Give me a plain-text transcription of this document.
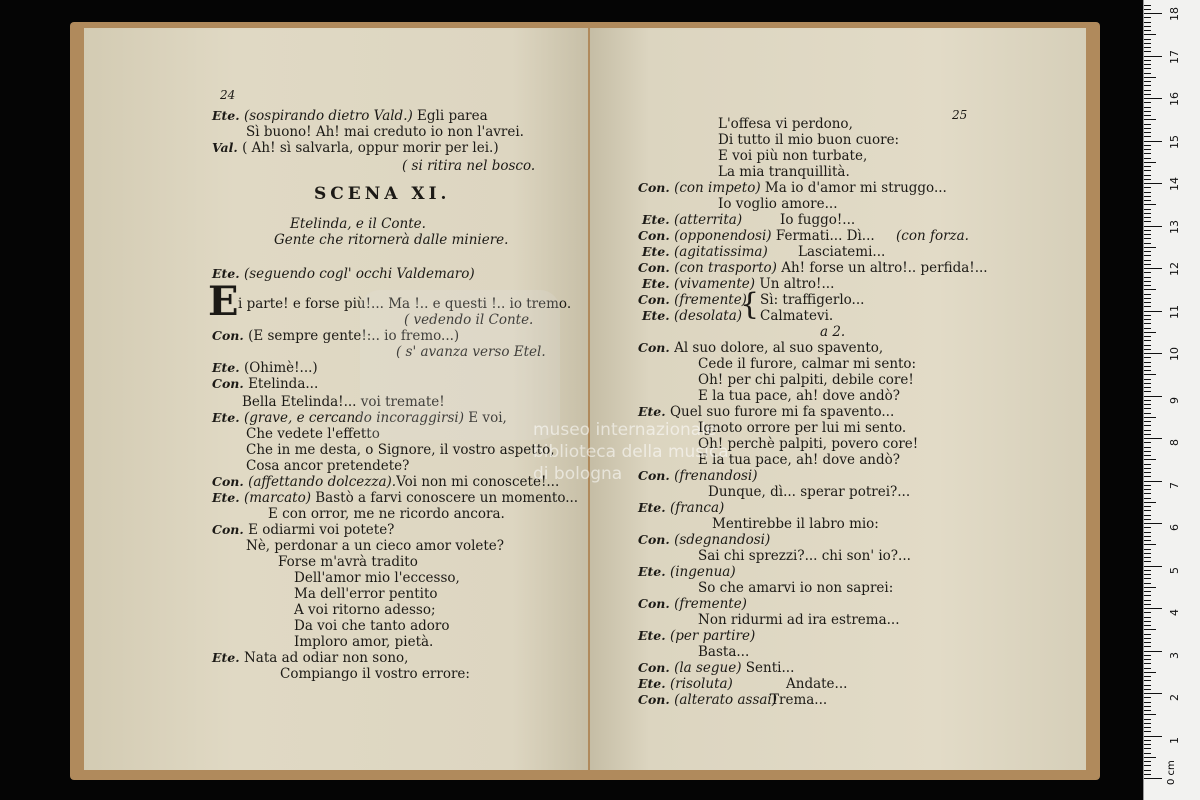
24
Ete. (sospirando dietro Vald.) Egli parea
Sì buono! Ah! mai creduto io non l'avrei.
Val. ( Ah! sì salvarla, oppur morir per lei.)
( si ritira nel bosco.
SCENA XI.
Etelinda, e il Conte.
Gente che ritornerà dalle miniere.
Ete. (seguendo cogl' occhi Valdemaro)
E i parte! e forse più!... Ma !.. e questi !.. io tremo.
( vedendo il Conte.
Con. (E sempre gente!:.. io fremo...)
( s' avanza verso Etel.
Ete. (Ohimè!...)
Con. Etelinda...
Bella Etelinda!... voi tremate!
Ete. (grave, e cercando incoraggirsi) E voi,
Che vedete l'effetto
Che in me desta, o Signore, il vostro aspetto,
Cosa ancor pretendete?
Con. (affettando dolcezza).Voi non mi conoscete!...
Ete. (marcato) Bastò a farvi conoscere un momento...
E con orror, me ne ricordo ancora.
Con. E odiarmi voi potete?
Nè, perdonar a un cieco amor volete?
Forse m'avrà tradito
Dell'amor mio l'eccesso,
Ma dell'error pentito
A voi ritorno adesso;
Da voi che tanto adoro
Imploro amor, pietà.
Ete. Nata ad odiar non sono,
Compiango il vostro errore:
25
L'offesa vi perdono,
Di tutto il mio buon cuore:
E voi più non turbate,
La mia tranquillità.
Con. (con impeto) Ma io d'amor mi struggo...
Io voglio amore...
Ete. (atterrita)	Io fuggo!...
Con. (opponendosi) Fermati... Dì... (con forza.
Ete. (agitatissima) Lasciatemi...
Con. (con trasporto) Ah! forse un altro!.. perfida!...
Ete. (vivamente) Un altro!...
Con. (fremente) Sì: traffigerlo...
Ete. (desolata) Calmatevi.
a 2.
Con. Al suo dolore, al suo spavento,
Cede il furore, calmar mi sento:
Oh! per chi palpiti, debile core!
E la tua pace, ah! dove andò?
Ete. Quel suo furore mi fa spavento...
Ignoto orrore per lui mi sento.
Oh! perchè palpiti, povero core!
E la tua pace, ah! dove andò?
Con. (frenandosi)
Dunque, dì... sperar potrei?...
Ete. (franca)
Mentirebbe il labro mio:
Con. (sdegnandosi)
Sai chi sprezzi?... chi son' io?...
Ete. (ingenua)
So che amarvi io non saprei:
Con. (fremente)
Non ridurmi ad ira estrema...
Ete. (per partire)
Basta...
Con. (la segue) Senti...
Ete. (risoluta)	Andate...
Con. (alterato assai)
Trema...
{
museo internazionale
biblioteca della musica
di bologna
0 cm
1
2
3
4
5
6
7
8
9
10
11
12
13
14
15
16
17
18
